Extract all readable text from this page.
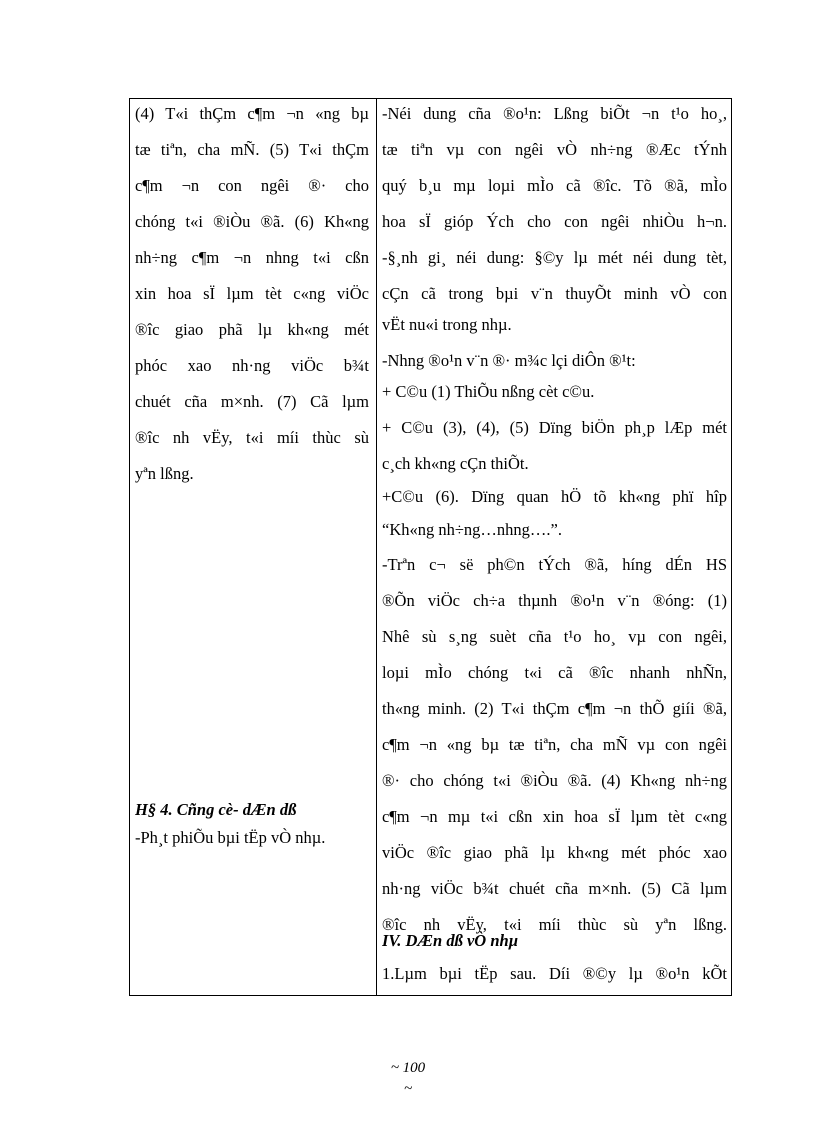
(4) T«i thÇm c¶m ¬n «ng bµ
tæ tiªn, cha mÑ. (5) T«i thÇm
c¶m ¬n con ngêi ®· cho
chóng t«i ®iÒu ®ã. (6) Kh«ng
nh÷ng c¶m ¬n nhng t«i cßn
xin hoa sÏ lµm tèt c«ng viÖc
®îc giao phã lµ kh«ng mét
phóc xao nh·ng viÖc b¾t
chuét cña m×nh. (7) Cã lµm
®îc nh vËy, t«i míi thùc sù
yªn lßng.
H§ 4. Cñng cè- dÆn dß
-Ph¸t phiÕu bµi tËp vÒ nhµ.
-Néi dung cña ®o¹n: Lßng biÕt ¬n t¹o ho¸,
tæ tiªn vµ con ngêi vÒ nh÷ng ®Æc tÝnh
quý b¸u mµ loµi mÌo cã ®îc. Tõ ®ã, mÌo
hoa sÏ gióp Ých cho con ngêi nhiÒu h¬n.
-§¸nh gi¸ néi dung: §©y lµ mét néi dung tèt,
cÇn cã trong bµi v¨n thuyÕt minh vÒ con
vËt nu«i trong nhµ.
-Nhng ®o¹n v¨n ®· m¾c lçi diÔn ®¹t:
+ C©u (1) ThiÕu nßng cèt c©u.
+ C©u (3), (4), (5) Dïng biÖn ph¸p lÆp mét
c¸ch kh«ng cÇn thiÕt.
+C©u (6). Dïng quan hÖ tõ kh«ng phï hîp
“Kh«ng nh÷ng…nhng….”.
-Trªn c¬ së ph©n tÝch ®ã, híng dÉn HS
®Õn viÖc ch÷a thµnh ®o¹n v¨n ®óng: (1)
Nhê sù s¸ng suèt cña t¹o ho¸ vµ con ngêi,
loµi mÌo chóng t«i cã ®îc nhanh nhÑn,
th«ng minh. (2) T«i thÇm c¶m ¬n thÕ giíi ®ã,
c¶m ¬n «ng bµ tæ tiªn, cha mÑ vµ con ngêi
®· cho chóng t«i ®iÒu ®ã. (4) Kh«ng nh÷ng
c¶m ¬n mµ t«i cßn xin hoa sÏ lµm tèt c«ng
viÖc ®îc giao phã lµ kh«ng mét phóc xao
nh·ng viÖc b¾t chuét cña m×nh. (5) Cã lµm
®îc nh vËy, t«i míi thùc sù yªn lßng.
IV. DÆn dß vÒ nhµ
1.Lµm bµi tËp sau. Díi ®©y lµ ®o¹n kÕt
~ 100
~
